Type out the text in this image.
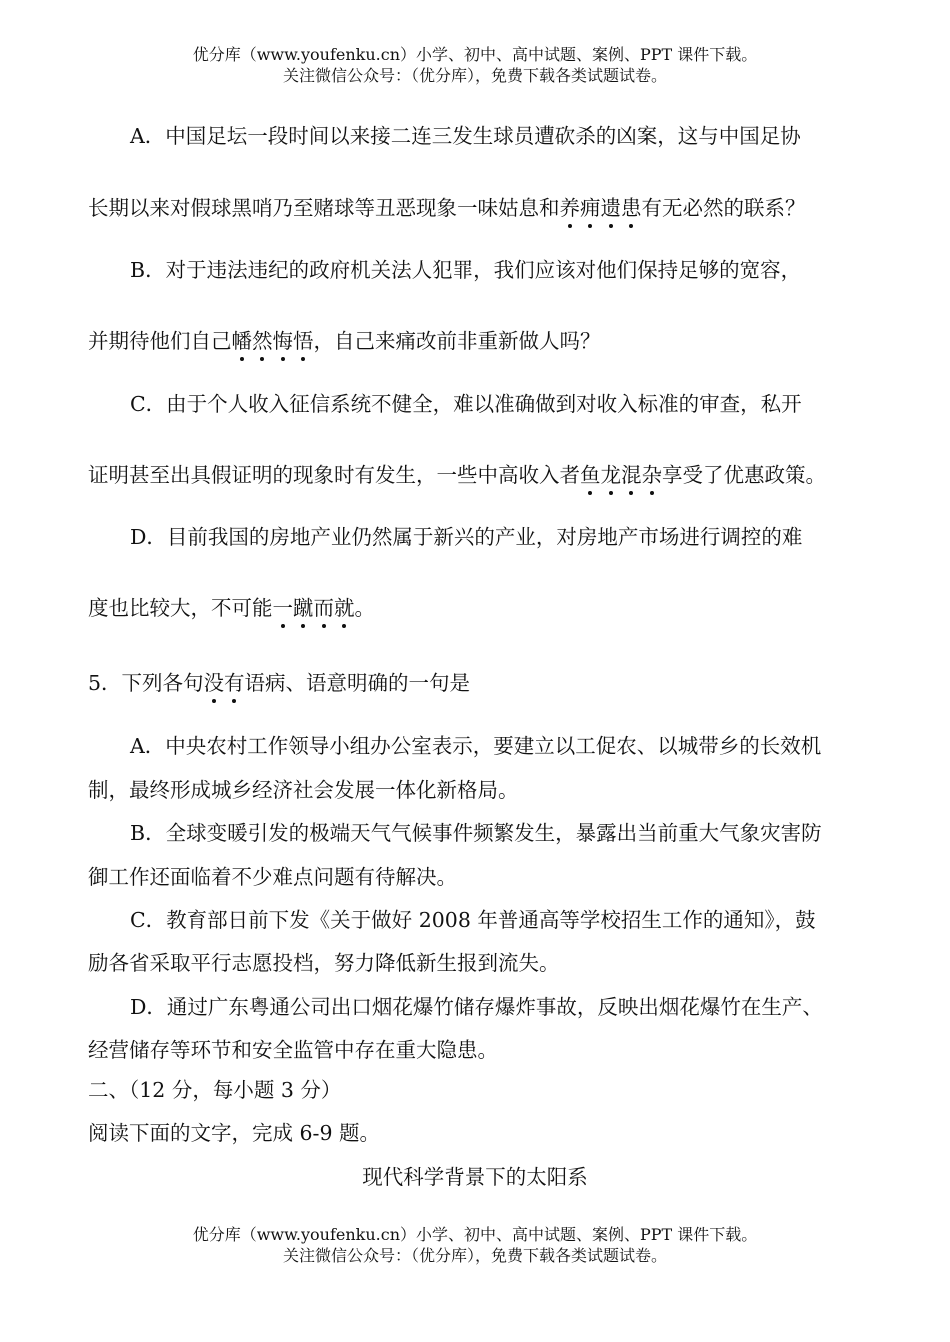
优分库（www.youfenku.cn）小学、初中、高中试题、案例、PPT 课件下载。
关注微信公众号：（优分库），免费下载各类试题试卷。
A．中国足坛一段时间以来接二连三发生球员遭砍杀的凶案，这与中国足协
长期以来对假球黑哨乃至赌球等丑恶现象一味姑息和养痈遗患
有无必然的联系？
B．对于违法违纪的政府机关法人犯罪，我们应该对他们保持足够的宽容，
并期待他们自己幡然悔悟
，自己来痛改前非重新做人吗？
C．由于个人收入征信系统不健全，难以准确做到对收入标准的审查，私开
证明甚至出具假证明的现象时有发生，一些中高收入者鱼龙混杂
享受了优惠政策。
D．目前我国的房地产业仍然属于新兴的产业，对房地产市场进行调控的难
度也比较大，不可能一蹴而就
。
5．下列各句没有
语病、语意明确的一句是
A．中央农村工作领导小组办公室表示，要建立以工促农、以城带乡的长效机
制，最终形成城乡经济社会发展一体化新格局。
B．全球变暖引发的极端天气气候事件频繁发生，暴露出当前重大气象灾害防
御工作还面临着不少难点问题有待解决。
C．教育部日前下发《关于做好 2008 年普通高等学校招生工作的通知》，鼓
励各省采取平行志愿投档，努力降低新生报到流失。
D．通过广东粤通公司出口烟花爆竹储存爆炸事故，反映出烟花爆竹在生产、
经营储存等环节和安全监管中存在重大隐患。
二、（12 分，每小题 3 分）
阅读下面的文字，完成 6-9 题。
现代科学背景下的太阳系
优分库（www.youfenku.cn）小学、初中、高中试题、案例、PPT 课件下载。
关注微信公众号：（优分库），免费下载各类试题试卷。
